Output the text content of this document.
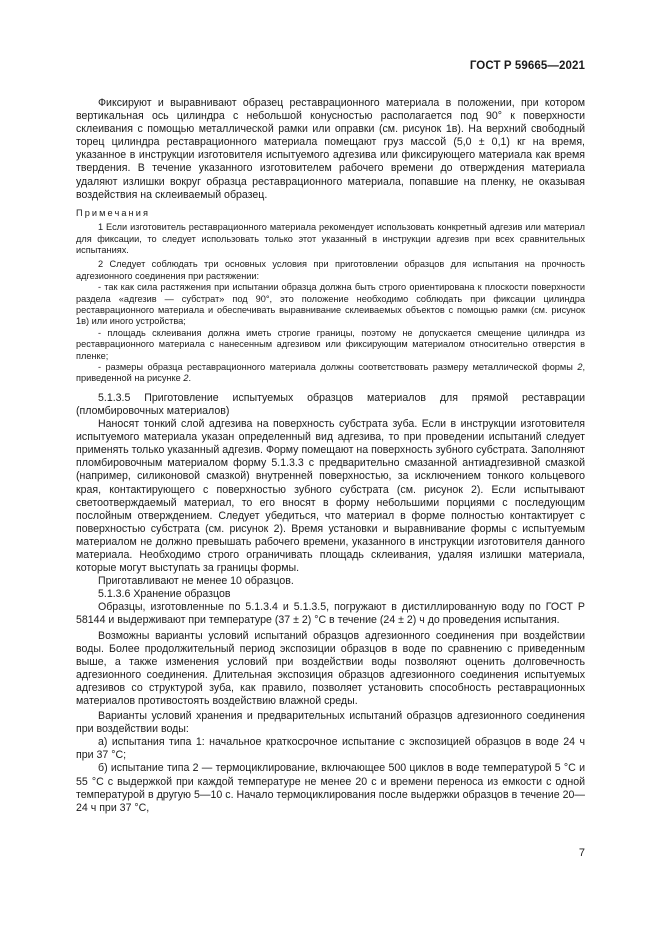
ГОСТ Р 59665—2021

Фиксируют и выравнивают образец реставрационного материала в положении, при котором вертикальная ось цилиндра с небольшой конусностью располагается под 90° к поверхности склеивания с помощью металлической рамки или оправки (см. рисунок 1в). На верхний свободный торец цилиндра реставрационного материала помещают груз массой (5,0 ± 0,1) кг на время, указанное в инструкции изготовителя испытуемого адгезива или фиксирующего материала как время твердения. В течение указанного изготовителем рабочего времени до отверждения материала удаляют излишки вокруг образца реставрационного материала, попавшие на пленку, не оказывая воздействия на склеиваемый образец.

Примечания

1 Если изготовитель реставрационного материала рекомендует использовать конкретный адгезив или материал для фиксации, то следует использовать только этот указанный в инструкции адгезив при всех сравнительных испытаниях.

2 Следует соблюдать три основных условия при приготовлении образцов для испытания на прочность адгезионного соединения при растяжении:

- так как сила растяжения при испытании образца должна быть строго ориентирована к плоскости поверхности раздела «адгезив — субстрат» под 90°, это положение необходимо соблюдать при фиксации цилиндра реставрационного материала и обеспечивать выравнивание склеиваемых объектов с помощью рамки (см. рисунок 1в) или иного устройства;

- площадь склеивания должна иметь строгие границы, поэтому не допускается смещение цилиндра из реставрационного материала с нанесенным адгезивом или фиксирующим материалом относительно отверстия в пленке;

- размеры образца реставрационного материала должны соответствовать размеру металлической формы 2, приведенной на рисунке 2.

5.1.3.5 Приготовление испытуемых образцов материалов для прямой реставрации (пломбировочных материалов)

Наносят тонкий слой адгезива на поверхность субстрата зуба. Если в инструкции изготовителя испытуемого материала указан определенный вид адгезива, то при проведении испытаний следует применять только указанный адгезив. Форму помещают на поверхность зубного субстрата. Заполняют пломбировочным материалом форму 5.1.3.3 с предварительно смазанной антиадгезивной смазкой (например, силиконовой смазкой) внутренней поверхностью, за исключением тонкого кольцевого края, контактирующего с поверхностью зубного субстрата (см. рисунок 2). Если испытывают светоотверждаемый материал, то его вносят в форму небольшими порциями с последующим послойным отверждением. Следует убедиться, что материал в форме полностью контактирует с поверхностью субстрата (см. рисунок 2). Время установки и выравнивание формы с испытуемым материалом не должно превышать рабочего времени, указанного в инструкции изготовителя данного материала. Необходимо строго ограничивать площадь склеивания, удаляя излишки материала, которые могут выступать за границы формы.

Приготавливают не менее 10 образцов.

5.1.3.6 Хранение образцов

Образцы, изготовленные по 5.1.3.4 и 5.1.3.5, погружают в дистиллированную воду по ГОСТ Р 58144 и выдерживают при температуре (37 ± 2) °С в течение (24 ± 2) ч до проведения испытания.

Возможны варианты условий испытаний образцов адгезионного соединения при воздействии воды. Более продолжительный период экспозиции образцов в воде по сравнению с приведенным выше, а также изменения условий при воздействии воды позволяют оценить долговечность адгезионного соединения. Длительная экспозиция образцов адгезионного соединения испытуемых адгезивов со структурой зуба, как правило, позволяет установить способность реставрационных материалов противостоять воздействию влажной среды.

Варианты условий хранения и предварительных испытаний образцов адгезионного соединения при воздействии воды:

а) испытания типа 1: начальное краткосрочное испытание с экспозицией образцов в воде 24 ч при 37 °С;

б) испытание типа 2 — термоциклирование, включающее 500 циклов в воде температурой 5 °С и 55 °С с выдержкой при каждой температуре не менее 20 с и времени переноса из емкости с одной температурой в другую 5—10 с. Начало термоциклирования после выдержки образцов в течение 20—24 ч при 37 °С,

7
